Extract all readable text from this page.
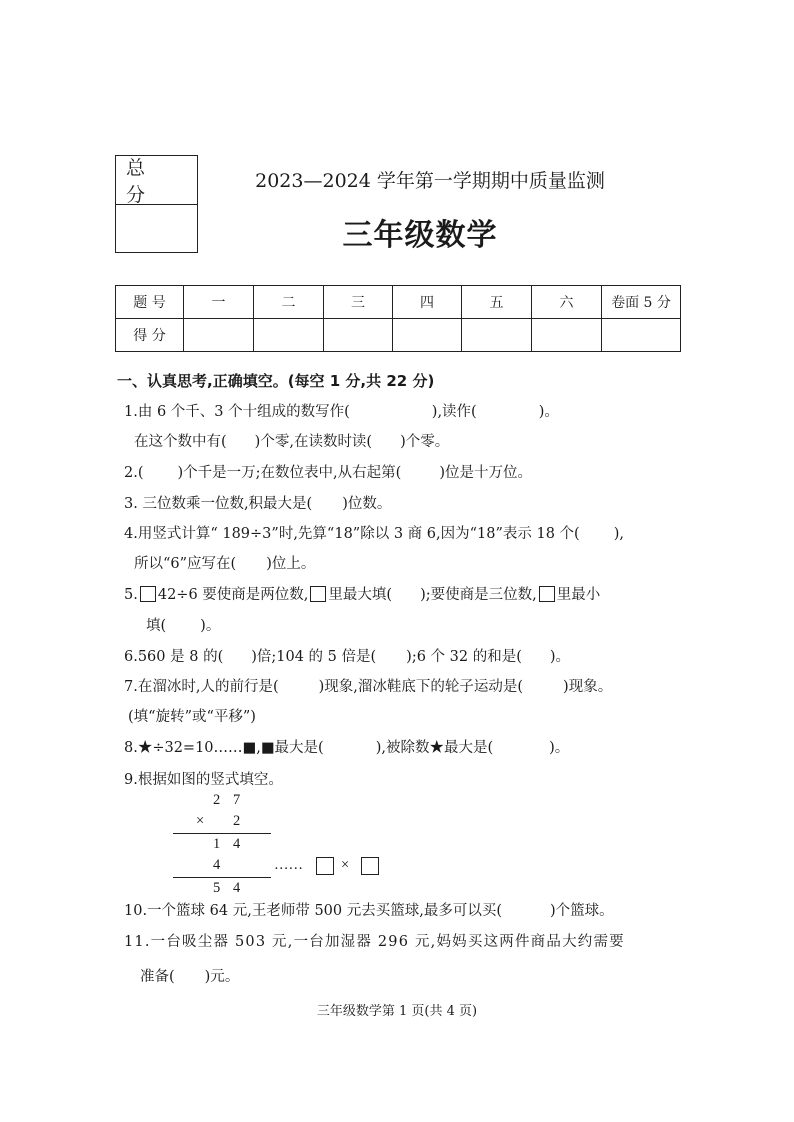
总 分
2023—2024 学年第一学期期中质量监测
三年级数学
题 号	一	二	三	四	五	六	卷面 5 分
得 分							
一、认真思考,正确填空。(每空 1 分,共 22 分)
1.由 6 个千、3 个十组成的数写作(	),读作(	)。
在这个数中有( )个零,在读数时读( )个零。
2.( )个千是一万;在数位表中,从右起第(	)位是十万位。
3. 三位数乘一位数,积最大是( )位数。
4.用竖式计算“ 189÷3”时,先算“18”除以 3 商 6,因为“18”表示 18 个( ),
所以“6”应写在( )位上。
5. 42÷6 要使商是两位数, 里最大填( );要使商是三位数, 里最小
填( )。
6.560 是 8 的( )倍;104 的 5 倍是( );6 个 32 的和是( )。
7.在溜冰时,人的前行是(	)现象,溜冰鞋底下的轮子运动是(	)现象。
(填“旋转”或“平移”)
8.★÷32=10……■,■最大是(	),被除数★最大是(	)。
9.根据如图的竖式填空。
2 7
× 2
1 4
4	……	×
5 4
10.一个篮球 64 元,王老师带 500 元去买篮球,最多可以买(	)个篮球。
11.一台吸尘器 503 元,一台加湿器 296 元,妈妈买这两件商品大约需要
准备( )元。
三年级数学第 1 页(共 4 页)
